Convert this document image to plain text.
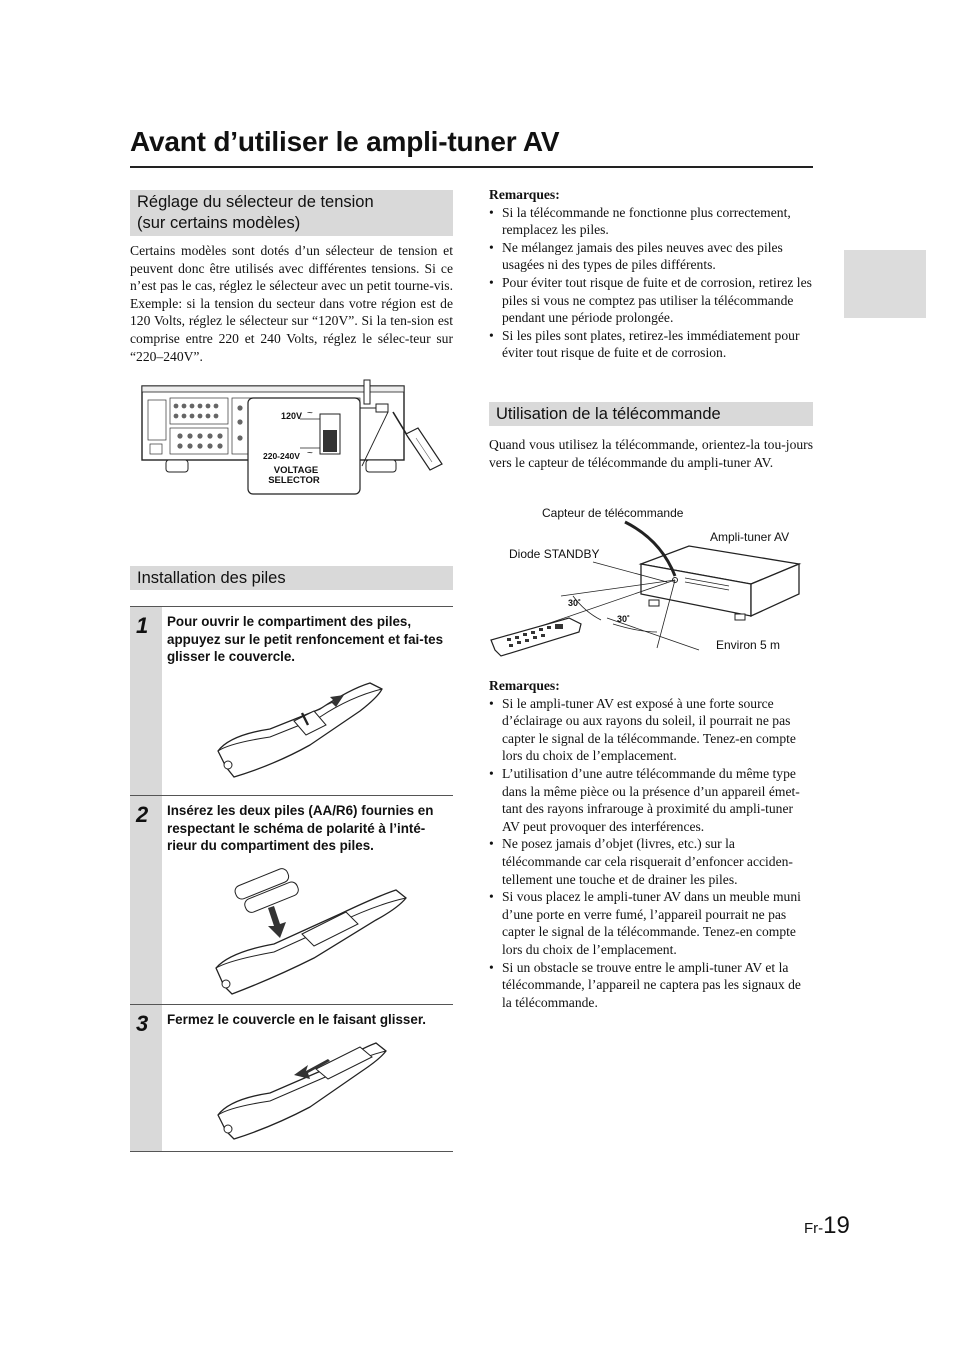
Avant d’utiliser le ampli-tuner AV
Réglage du sélecteur de tension
(sur certains modèles)

Certains modèles sont dotés d’un sélecteur de tension et peuvent donc être utilisés avec différentes tensions. Si ce n’est pas le cas, réglez le sélecteur avec un petit tourne-vis. Exemple: si la tension du secteur dans votre région est de 120 Volts, réglez le sélecteur sur “120V”. Si la ten-sion est comprise entre 220 et 240 Volts, réglez le sélec-teur sur “220–240V”.

120V ~
220-240V ~
VOLTAGE
SELECTOR
Installation des piles
1 Pour ouvrir le compartiment des piles, appuyez sur le petit renfoncement et fai-tes glisser le couvercle.
2 Insérez les deux piles (AA/R6) fournies en respectant le schéma de polarité à l’inté-rieur du compartiment des piles.
3 Fermez le couvercle en le faisant glisser.
Remarques:
• Si la télécommande ne fonctionne plus correctement, remplacez les piles.
• Ne mélangez jamais des piles neuves avec des piles usagées ni des types de piles différents.
• Pour éviter tout risque de fuite et de corrosion, retirez les piles si vous ne comptez pas utiliser la télécommande pendant une période prolongée.
• Si les piles sont plates, retirez-les immédiatement pour éviter tout risque de fuite et de corrosion.
Utilisation de la télécommande

Quand vous utilisez la télécommande, orientez-la tou-jours vers le capteur de télécommande du ampli-tuner AV.

Capteur de télécommande
Ampli-tuner AV
Diode STANDBY
30˚
30˚
Environ 5 m
Remarques:
• Si le ampli-tuner AV est exposé à une forte source d’éclairage ou aux rayons du soleil, il pourrait ne pas capter le signal de la télécommande. Tenez-en compte lors du choix de l’emplacement.
• L’utilisation d’une autre télécommande du même type dans la même pièce ou la présence d’un appareil émet-tant des rayons infrarouge à proximité du ampli-tuner AV peut provoquer des interférences.
• Ne posez jamais d’objet (livres, etc.) sur la télécommande car cela risquerait d’enfoncer acciden-tellement une touche et de drainer les piles.
• Si vous placez le ampli-tuner AV dans un meuble muni d’une porte en verre fumé, l’appareil pourrait ne pas capter le signal de la télécommande. Tenez-en compte lors du choix de l’emplacement.
• Si un obstacle se trouve entre le ampli-tuner AV et la télécommande, l’appareil ne captera pas les signaux de la télécommande.
Fr-19
